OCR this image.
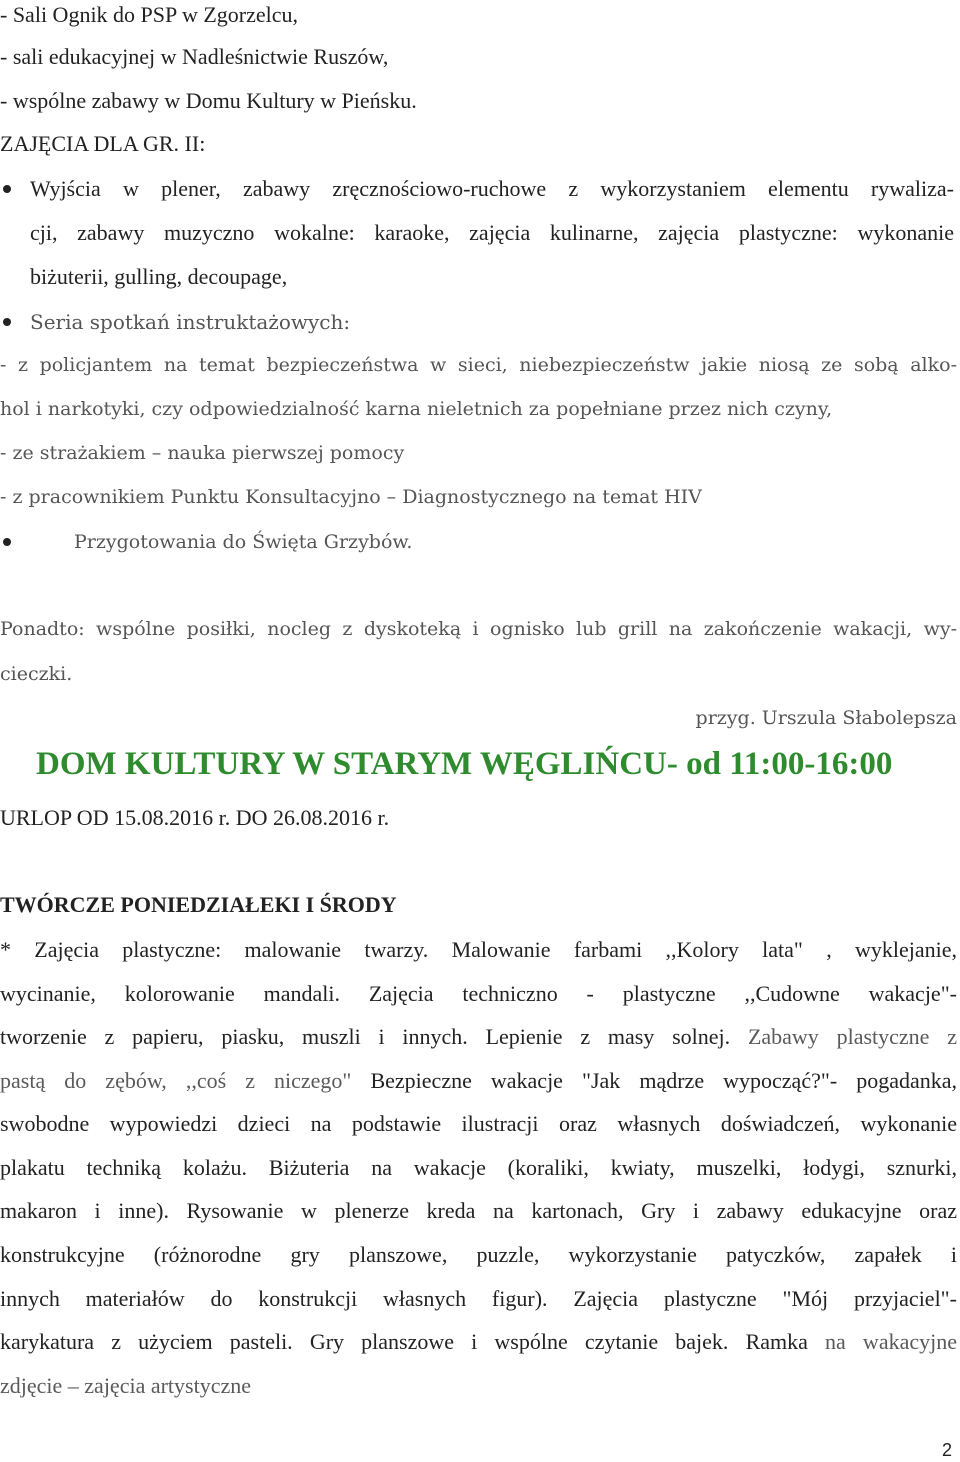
- Sali Ognik do PSP w Zgorzelcu,
- sali edukacyjnej w Nadleśnictwie Ruszów,
- wspólne zabawy w Domu Kultury w Pieńsku.
ZAJĘCIA DLA GR. II:
Wyjścia w plener, zabawy zręcznościowo-ruchowe z wykorzystaniem elementu rywaliza-
cji, zabawy muzyczno wokalne: karaoke, zajęcia kulinarne, zajęcia plastyczne: wykonanie
biżuterii, gulling, decoupage,
Seria spotkań instruktażowych:
- z policjantem na temat bezpieczeństwa w sieci, niebezpieczeństw jakie niosą ze sobą alko-
hol i narkotyki, czy odpowiedzialność karna nieletnich za popełniane przez nich czyny,
- ze strażakiem – nauka pierwszej pomocy
- z pracownikiem Punktu Konsultacyjno – Diagnostycznego na temat HIV
Przygotowania do Święta Grzybów.
Ponadto: wspólne posiłki, nocleg z dyskoteką i ognisko lub grill na zakończenie wakacji, wy-
cieczki.
przyg. Urszula Słabolepsza
DOM KULTURY W STARYM WĘGLIŃCU- od 11:00-16:00
URLOP OD 15.08.2016 r. DO 26.08.2016 r.
TWÓRCZE PONIEDZIAŁEKI I ŚRODY
* Zajęcia plastyczne: malowanie twarzy. Malowanie farbami ,,Kolory lata" , wyklejanie,
wycinanie, kolorowanie mandali. Zajęcia techniczno - plastyczne ,,Cudowne wakacje"-
tworzenie z papieru, piasku, muszli i innych. Lepienie z masy solnej. Zabawy plastyczne z
pastą do zębów, ,,coś z niczego" Bezpieczne wakacje "Jak mądrze wypocząć?"- pogadanka,
swobodne wypowiedzi dzieci na podstawie ilustracji oraz własnych doświadczeń, wykonanie
plakatu techniką kolażu. Biżuteria na wakacje (koraliki, kwiaty, muszelki, łodygi, sznurki,
makaron i inne). Rysowanie w plenerze kreda na kartonach, Gry i zabawy edukacyjne oraz
konstrukcyjne (różnorodne gry planszowe, puzzle, wykorzystanie patyczków, zapałek i
innych materiałów do konstrukcji własnych figur). Zajęcia plastyczne "Mój przyjaciel"-
karykatura z użyciem pasteli. Gry planszowe i wspólne czytanie bajek. Ramka na wakacyjne
zdjęcie – zajęcia artystyczne
2
